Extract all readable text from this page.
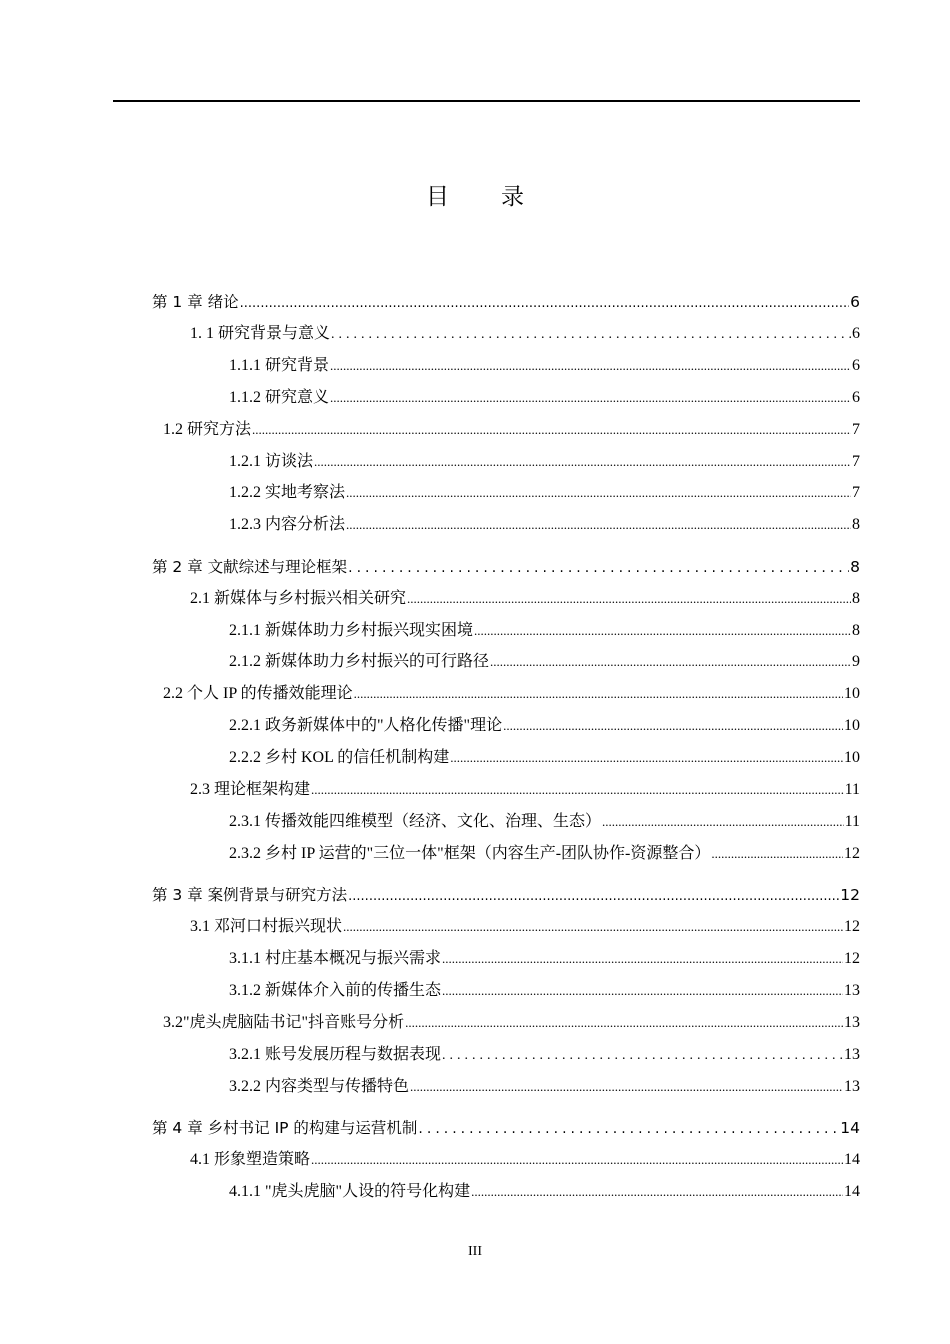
目录
第 1 章 绪论 .....	6
1. 1 研究背景与意义 .....	6
1.1.1 研究背景 .....	6
1.1.2 研究意义 .....	6
1.2 研究方法 .....	7
1.2.1 访谈法 .....	7
1.2.2 实地考察法 .....	7
1.2.3 内容分析法 .....	8
第 2 章 文献综述与理论框架 .....	8
2.1 新媒体与乡村振兴相关研究 .....	8
2.1.1 新媒体助力乡村振兴现实困境 .....	8
2.1.2 新媒体助力乡村振兴的可行路径 .....	9
2.2 个人 IP 的传播效能理论 .....	10
2.2.1 政务新媒体中的"人格化传播"理论 .....	10
2.2.2 乡村 KOL 的信任机制构建 .....	10
2.3 理论框架构建 .....	11
2.3.1 传播效能四维模型（经济、文化、治理、生态） .....	11
2.3.2 乡村 IP 运营的"三位一体"框架（内容生产-团队协作-资源整合） .....	12
第 3 章 案例背景与研究方法 .....	12
3.1 邓河口村振兴现状 .....	12
3.1.1 村庄基本概况与振兴需求 .....	12
3.1.2 新媒体介入前的传播生态 .....	13
3.2"虎头虎脑陆书记"抖音账号分析 .....	13
3.2.1 账号发展历程与数据表现 .....	13
3.2.2 内容类型与传播特色 .....	13
第 4 章 乡村书记 IP 的构建与运营机制 .....	14
4.1 形象塑造策略 .....	14
4.1.1 "虎头虎脑"人设的符号化构建 .....	14
III
